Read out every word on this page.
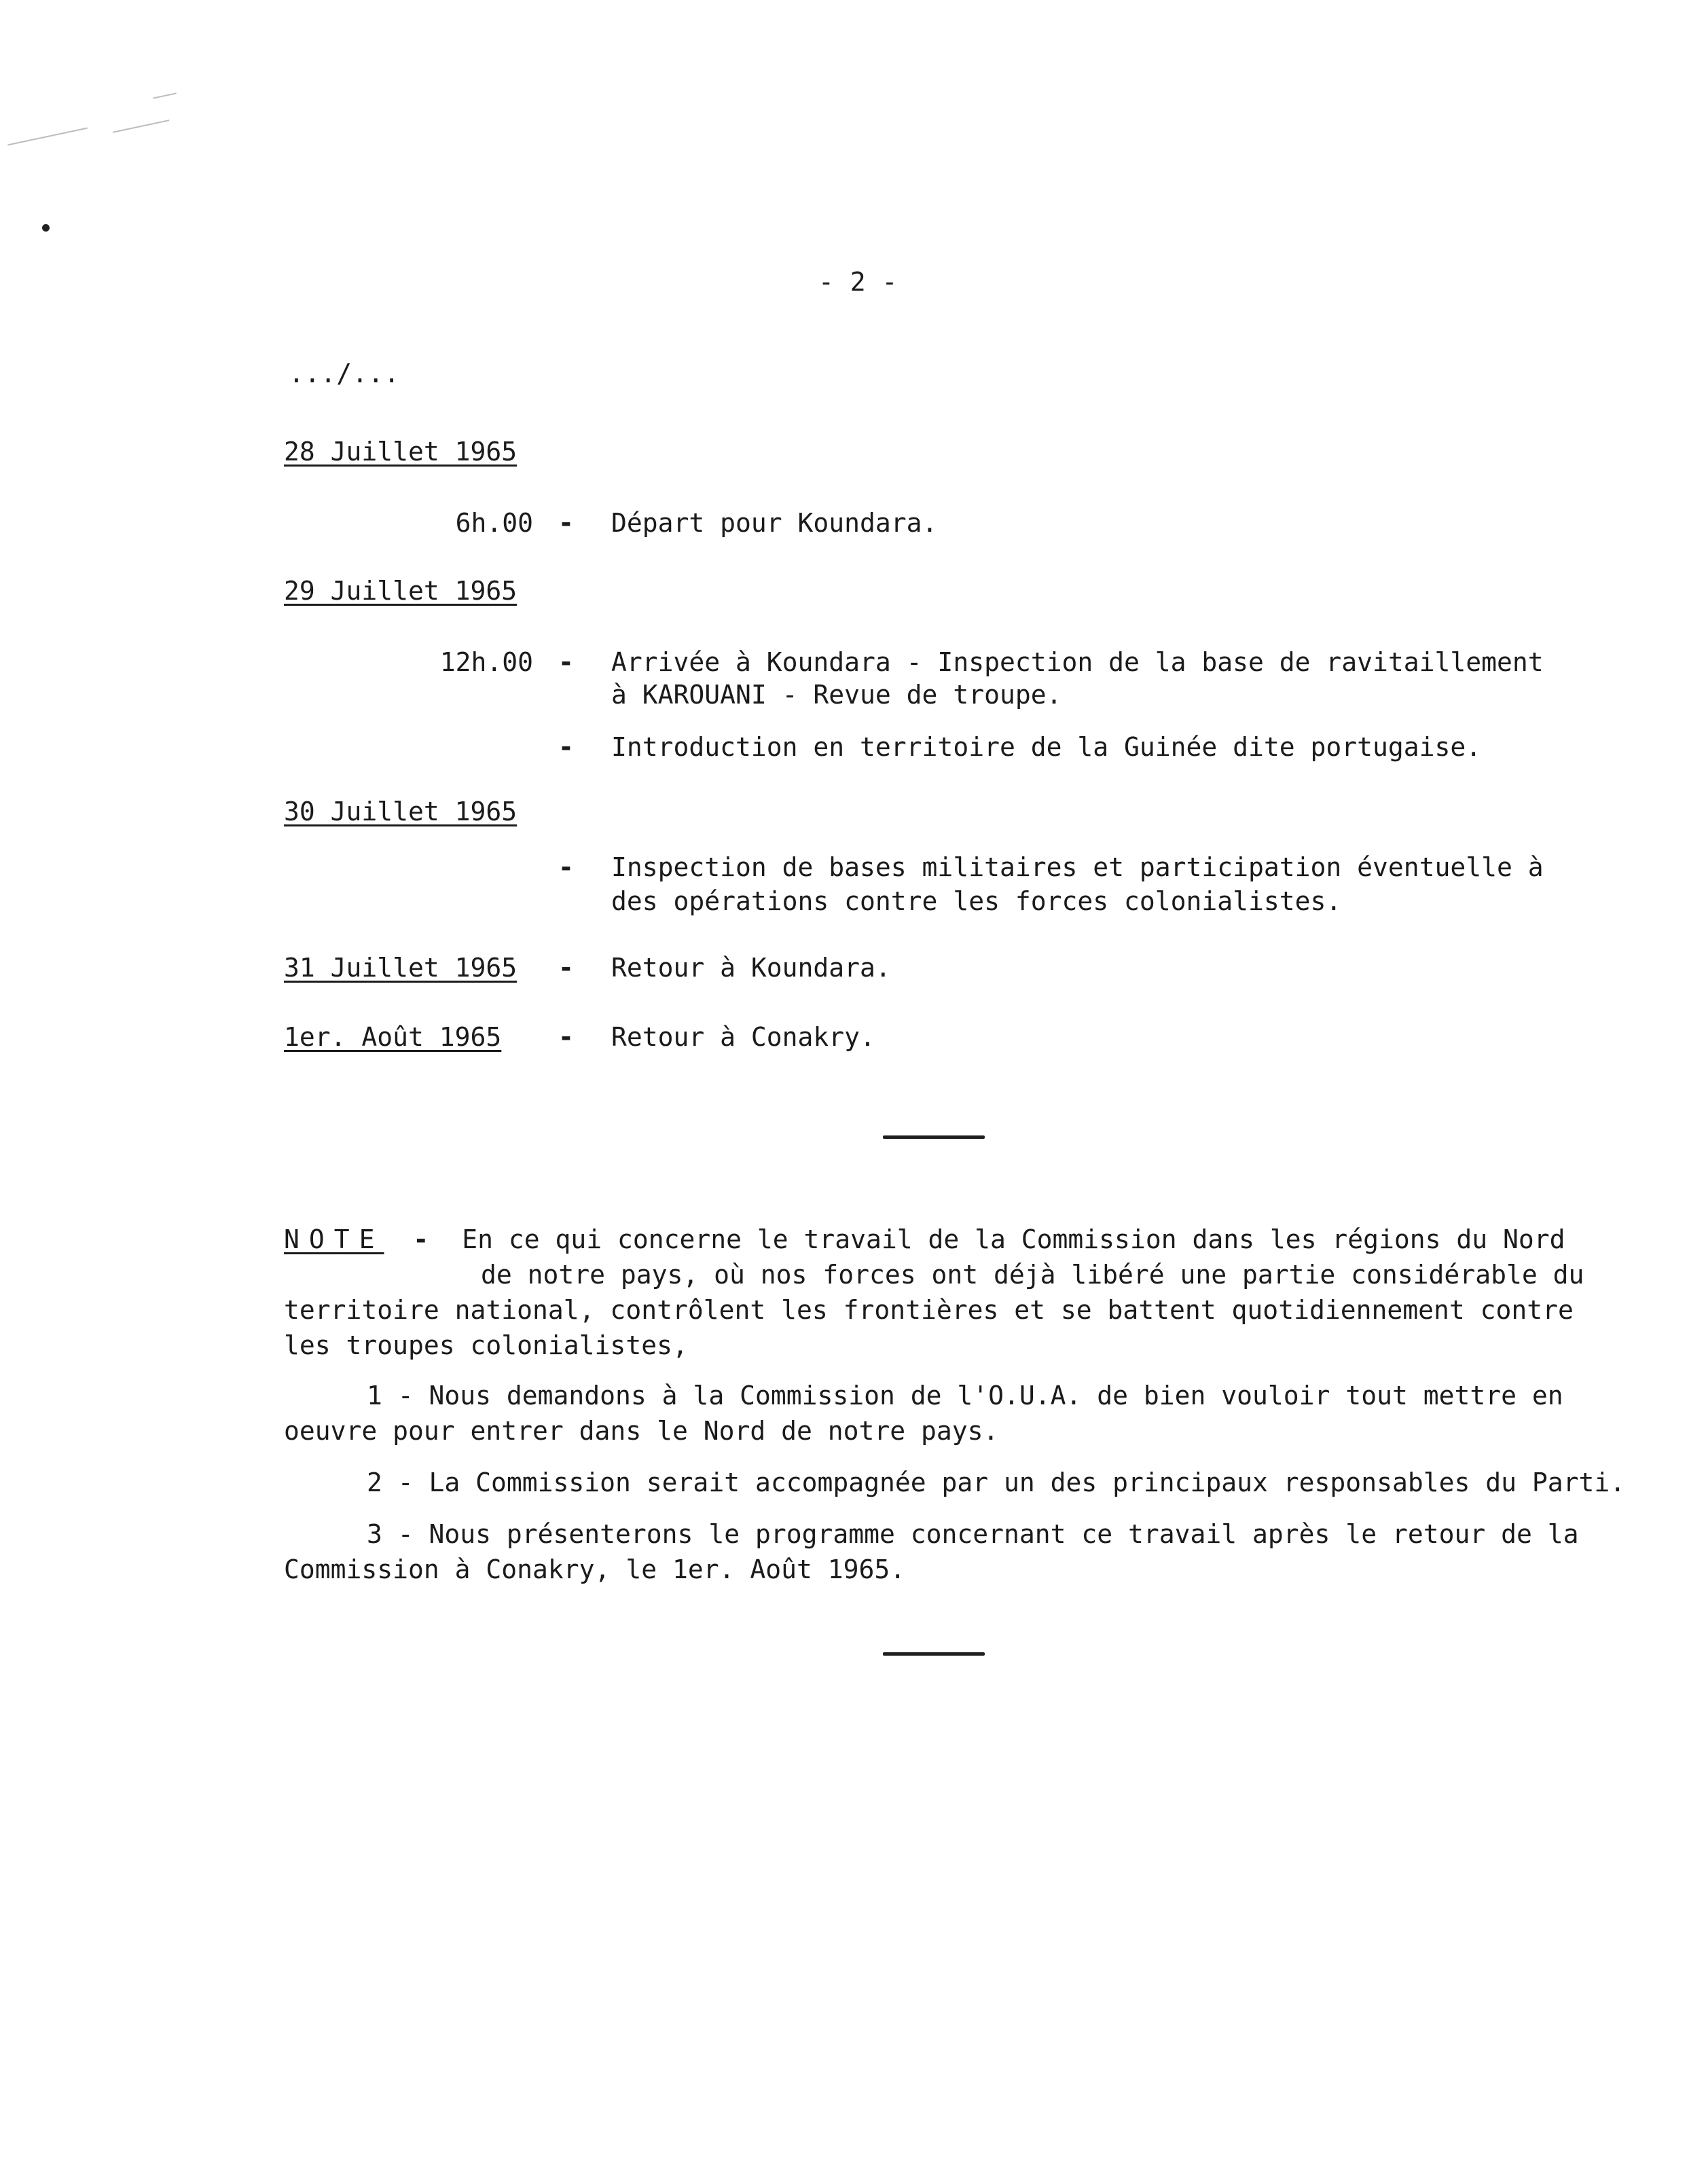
- 2 -
.../...
28 Juillet 1965
6h.00 - Départ pour Koundara.
29 Juillet 1965
12h.00 - Arrivée à Koundara - Inspection de la base de ravitaillement
à KAROUANI - Revue de troupe.
- Introduction en territoire de la Guinée dite portugaise.
30 Juillet 1965
- Inspection de bases militaires et participation éventuelle à
des opérations contre les forces colonialistes.
31 Juillet 1965 - Retour à Koundara.
1er. Août 1965 - Retour à Conakry.
NOTE - En ce qui concerne le travail de la Commission dans les régions du Nord
de notre pays, où nos forces ont déjà libéré une partie considérable du
territoire national, contrôlent les frontières et se battent quotidiennement contre
les troupes colonialistes,
1 - Nous demandons à la Commission de l'O.U.A. de bien vouloir tout mettre en
oeuvre pour entrer dans le Nord de notre pays.
2 - La Commission serait accompagnée par un des principaux responsables du Parti.
3 - Nous présenterons le programme concernant ce travail après le retour de la
Commission à Conakry, le 1er. Août 1965.
